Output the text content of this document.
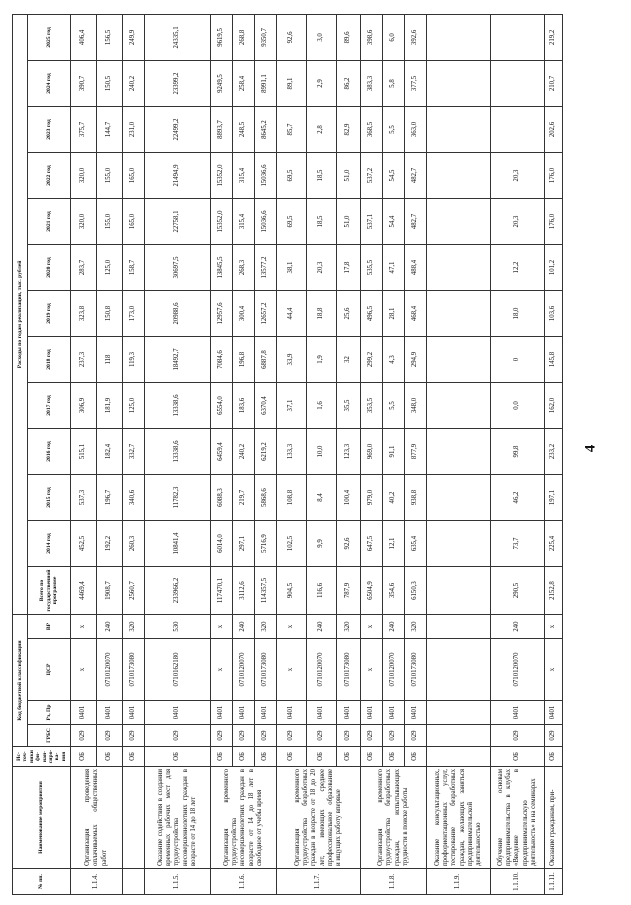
4
№ пп.	Наименование мероприятия	Ис-точ-ники фи-нан-сиро-ва-ния	Код бюджетной классификации				Расходы по годам реализации, тыс. рублей												
			ГРБС	Рз, Пр	ЦСР	ВР	Всего по государственной программе	2014 год	2015 год	2016 год	2017 год	2018 год	2019 год	2020 год	2021 год	2022 год	2023 год	2024 год	2025 год
1.1.4.	Организация проведения оплачиваемых общественных работ	ОБ	029	0401	х	х	4469,4	452,5	537,3	515,1	306,9	237,3	323,8	283,7	320,0	320,0	375,7	390,7	406,4
		ОБ	029	0401	0710120070	240	1908,7	192,2	196,7	182,4	181,9	118	150,8	125,0	155,0	155,0	144,7	150,5	156,5
		ОБ	029	0401	0710173080	320	2560,7	260,3	340,6	332,7	125,0	119,3	173,0	158,7	165,0	165,0	231,0	240,2	249,9
1.1.5.	Оказание содействия в создании временных рабочих мест для трудоустройства несовершеннолетних граждан в возрасте от 14 до 18 лет	ОБ	029	0401	0710162180	530	233966,2	10841,4	11782,3	13338,6	13338,6	18492,7	20988,6	30697,5	22758,1	21494,9	22499,2	23399,2	24335,1
1.1.6.	Организация временного трудоустройства несовершеннолетних граждан в возрасте от 14 до 18 лет в свободное от учебы время	ОБ	029	0401	х	х	117470,1	6014,0	6088,3	6459,4	6554,0	7084,6	12957,6	13845,5	15352,0	15352,0	8893,7	9249,5	9619,5
		ОБ	029	0401	0710120070	240	3112,6	297,1	219,7	240,2	183,6	196,8	300,4	268,3	315,4	315,4	248,5	258,4	268,8
		ОБ	029	0401	0710173080	320	114357,5	5716,9	5868,6	6219,2	6370,4	6887,8	12657,2	13577,2	15036,6	15036,6	8645,2	8991,1	9350,7
1.1.7.	Организация временного трудоустройства безработных граждан в возрасте от 18 до 20 лет, имеющих среднее профессиональное образование и ищущих работу впервые	ОБ	029	0401	х	х	904,5	102,5	108,8	133,3	37,1	33,9	44,4	38,1	69,5	69,5	85,7	89,1	92,6
		ОБ	029	0401	0710120070	240	116,6	9,9	8,4	10,0	1,6	1,9	18,8	20,3	18,5	18,5	2,8	2,9	3,0
		ОБ	029	0401	0710173080	320	787,9	92,6	100,4	123,3	35,5	32	25,6	17,8	51,0	51,0	82,9	86,2	89,6
1.1.8.	Организация временного трудоустройства безработных граждан, испытывающих трудности в поиске работы	ОБ	029	0401	х	х	6504,9	647,5	979,0	969,0	353,5	299,2	496,5	535,5	537,1	537,2	368,5	383,3	398,6
		ОБ	029	0401	0710120070	240	354,6	12,1	40,2	91,1	5,5	4,3	28,1	47,1	54,4	54,5	5,5	5,8	6,0
		ОБ	029	0401	0710173080	320	6150,3	635,4	938,8	877,9	348,0	294,9	468,4	488,4	482,7	482,7	363,0	377,5	392,6
1.1.9.	Оказание консультационных, профориентационных услуг, тестирование безработных граждан, желающих заняться предпринимательской деятельностью																		
1.1.10.	Обучение основам предпринимательства в клубах «Введение в предпринимательскую деятельность» и на семинарах	ОБ	029	0401	0710120070	240	290,5	73,7	46,2	99,8	0,0	0	18,0	12,2	20,3	20,3			
1.1.11.	Оказание гражданам, при-	ОБ	029	0401	х	х	2152,8	225,4	197,1	233,2	162,0	145,8	103,6	101,2	176,0	176,0	202,6	210,7	219,2
